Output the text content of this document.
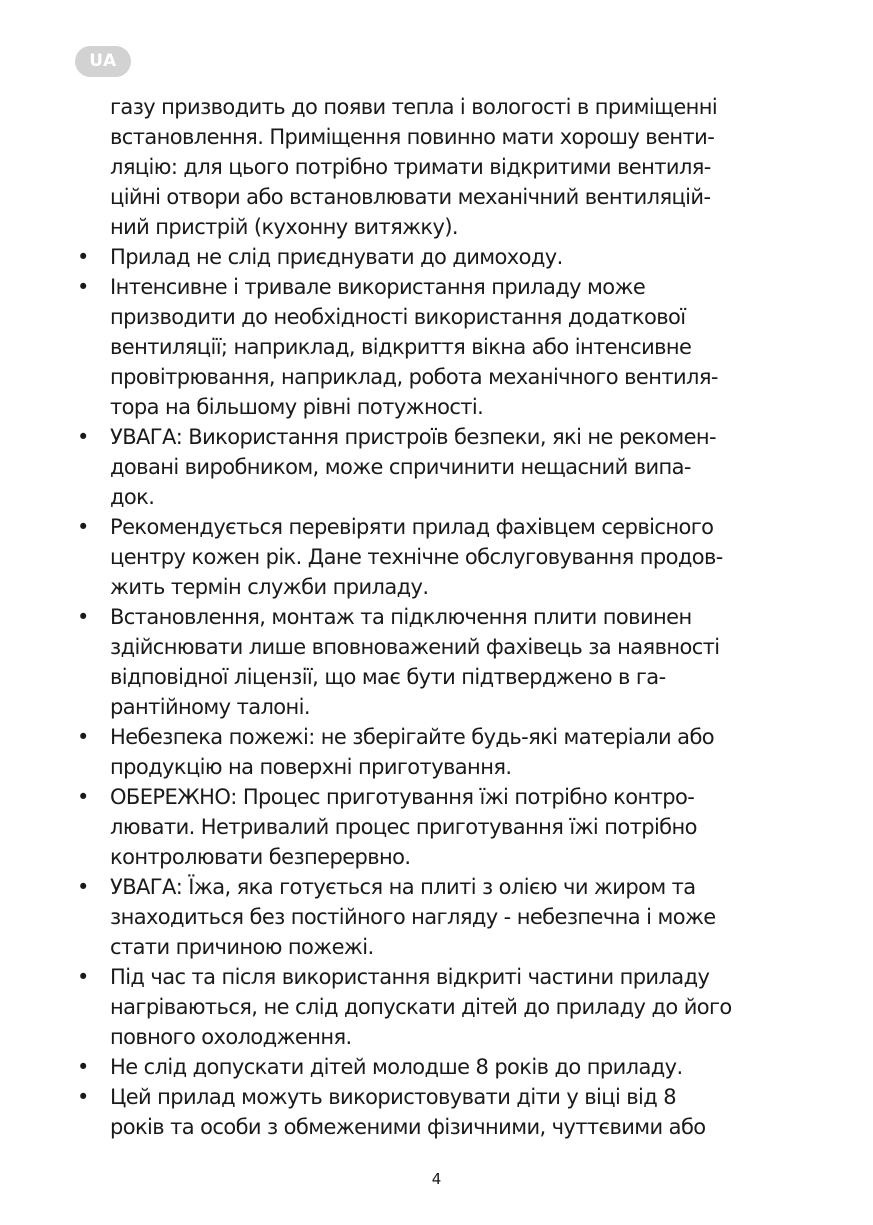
UA
газу призводить до появи тепла і вологості в приміщенні
встановлення. Приміщення повинно мати хорошу венти-
ляцію: для цього потрібно тримати відкритими вентиля-
ційні отвори або встановлювати механічний вентиляцій-
ний пристрій (кухонну витяжку).
• Прилад не слід приєднувати до димоходу.
• Інтенсивне і тривале використання приладу може
призводити до необхідності використання додаткової
вентиляції; наприклад, відкриття вікна або інтенсивне
провітрювання, наприклад, робота механічного вентиля-
тора на більшому рівні потужності.
• УВАГА: Використання пристроїв безпеки, які не рекомен-
довані виробником, може спричинити нещасний випа-
док.
• Рекомендується перевіряти прилад фахівцем сервісного
центру кожен рік. Дане технічне обслуговування продов-
жить термін служби приладу.
• Встановлення, монтаж та підключення плити повинен
здійснювати лише вповноважений фахівець за наявності
відповідної ліцензії, що має бути підтверджено в га-
рантійному талоні.
• Небезпека пожежі: не зберігайте будь-які матеріали або
продукцію на поверхні приготування.
• ОБЕРЕЖНО: Процес приготування їжі потрібно контро-
лювати. Нетривалий процес приготування їжі потрібно
контролювати безперервно.
• УВАГА: Їжа, яка готується на плиті з олією чи жиром та
знаходиться без постійного нагляду - небезпечна і може
стати причиною пожежі.
• Під час та після використання відкриті частини приладу
нагріваються, не слід допускати дітей до приладу до його
повного охолодження.
• Не слід допускати дітей молодше 8 років до приладу.
• Цей прилад можуть використовувати діти у віці від 8
років та особи з обмеженими фізичними, чуттєвими або
4
